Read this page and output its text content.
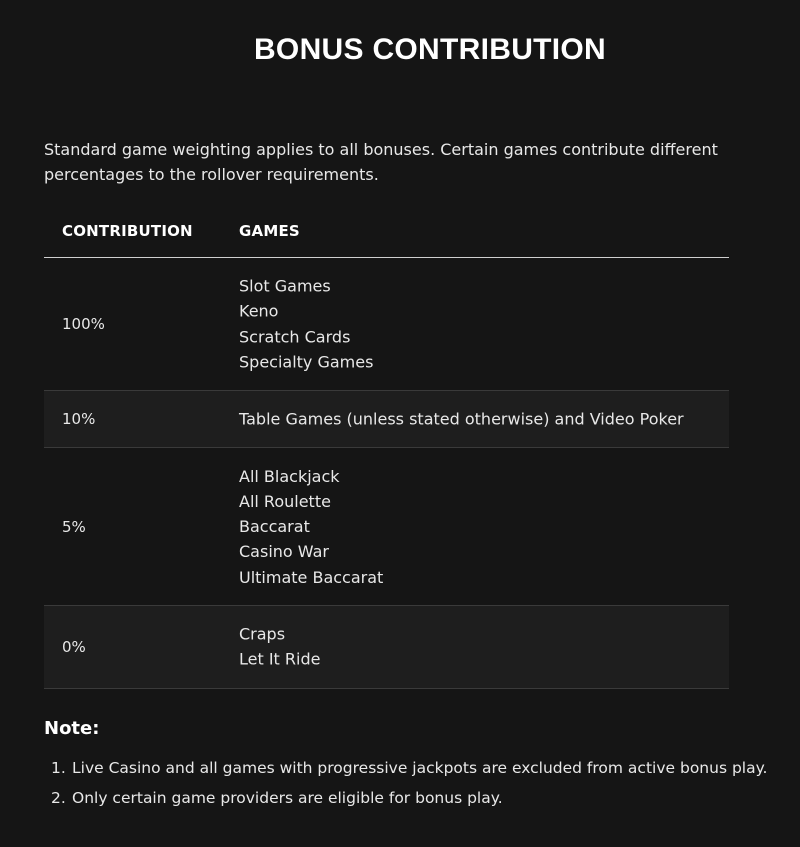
BONUS CONTRIBUTION

Standard game weighting applies to all bonuses. Certain games contribute different percentages to the rollover requirements.

CONTRIBUTION	GAMES
100%
Slot Games
Keno
Scratch Cards
Specialty Games
10%	Table Games (unless stated otherwise) and Video Poker
5%
All Blackjack
All Roulette
Baccarat
Casino War
Ultimate Baccarat
0%
Craps
Let It Ride
Note:
1. Live Casino and all games with progressive jackpots are excluded from active bonus play.
2. Only certain game providers are eligible for bonus play.
